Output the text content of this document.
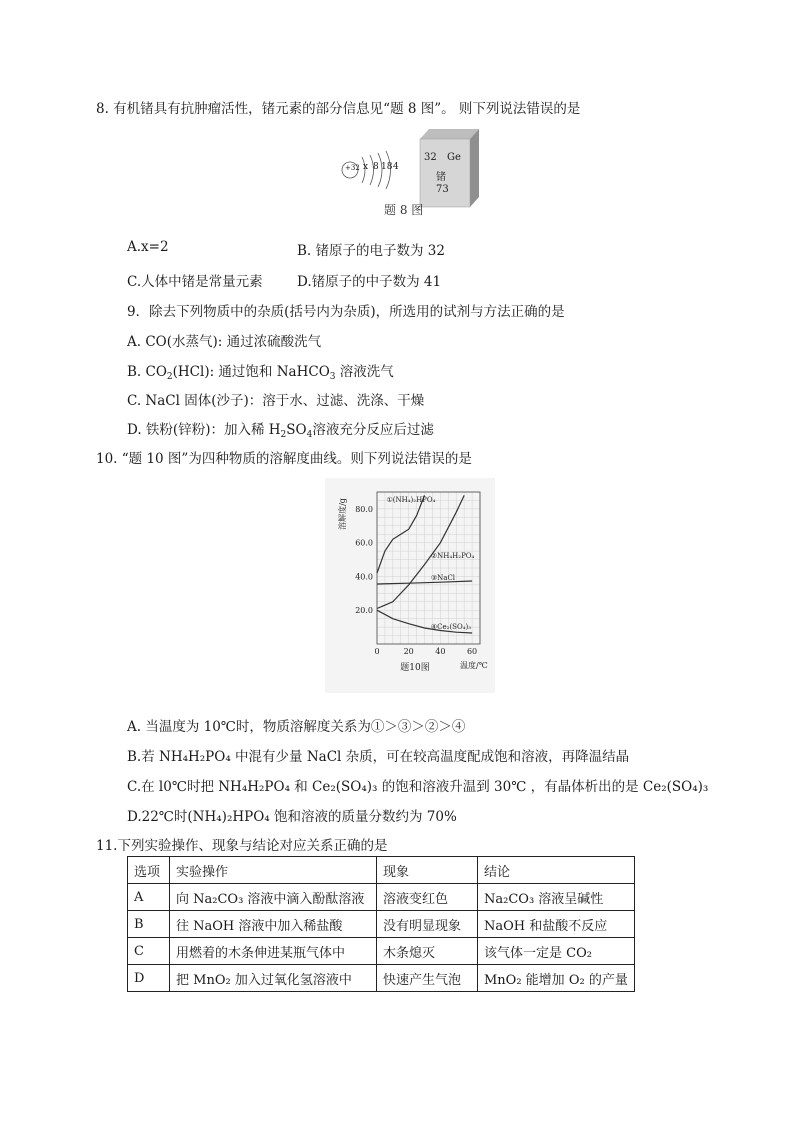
8. 有机锗具有抗肿瘤活性，锗元素的部分信息见“题 8 图”。 则下列说法错误的是
+32 x 8 18 4
32 Ge
锗
73
题 8 图
A.x=2	B. 锗原子的电子数为 32
C.人体中锗是常量元素	D.锗原子的中子数为 41
9．除去下列物质中的杂质(括号内为杂质)，所选用的试剂与方法正确的是
A. CO(水蒸气): 通过浓硫酸洗气
B. $CO_2(HCl)$: 通过饱和 NaHCO$_3$ 溶液洗气
C. NaCl 固体(沙子)：溶于水、过滤、洗涤、干燥
D. 铁粉(锌粉)：加入稀 $H_2SO_4$溶液充分反应后过滤
10. “题 10 图”为四种物质的溶解度曲线。则下列说法错误的是
20.0
40.0
60.0
80.0
0	20	40	60
溶解度/g
温度/℃
题10图
①(NH₄)₂HPO₄
②NH₄H₂PO₄
③NaCl
④Ce₂(SO₄)₃
A. 当温度为 10℃时，物质溶解度关系为①＞③＞②＞④
B.若 NH₄H₂PO₄ 中混有少量 NaCl 杂质，可在较高温度配成饱和溶液，再降温结晶
C.在 l0℃时把 NH₄H₂PO₄ 和 Ce₂(SO₄)₃ 的饱和溶液升温到 30℃ ，有晶体析出的是 Ce₂(SO₄)₃
D.22℃时(NH₄)₂HPO₄ 饱和溶液的质量分数约为 70%
11.下列实验操作、现象与结论对应关系正确的是
选项	实验操作	现象	结论
A	向 Na₂CO₃ 溶液中滴入酚酞溶液	溶液变红色	Na₂CO₃ 溶液呈碱性
B	往 NaOH 溶液中加入稀盐酸	没有明显现象	NaOH 和盐酸不反应
C	用燃着的木条伸进某瓶气体中	木条熄灭	该气体一定是 CO₂
D	把 MnO₂ 加入过氧化氢溶液中	快速产生气泡	MnO₂ 能增加 O₂ 的产量
